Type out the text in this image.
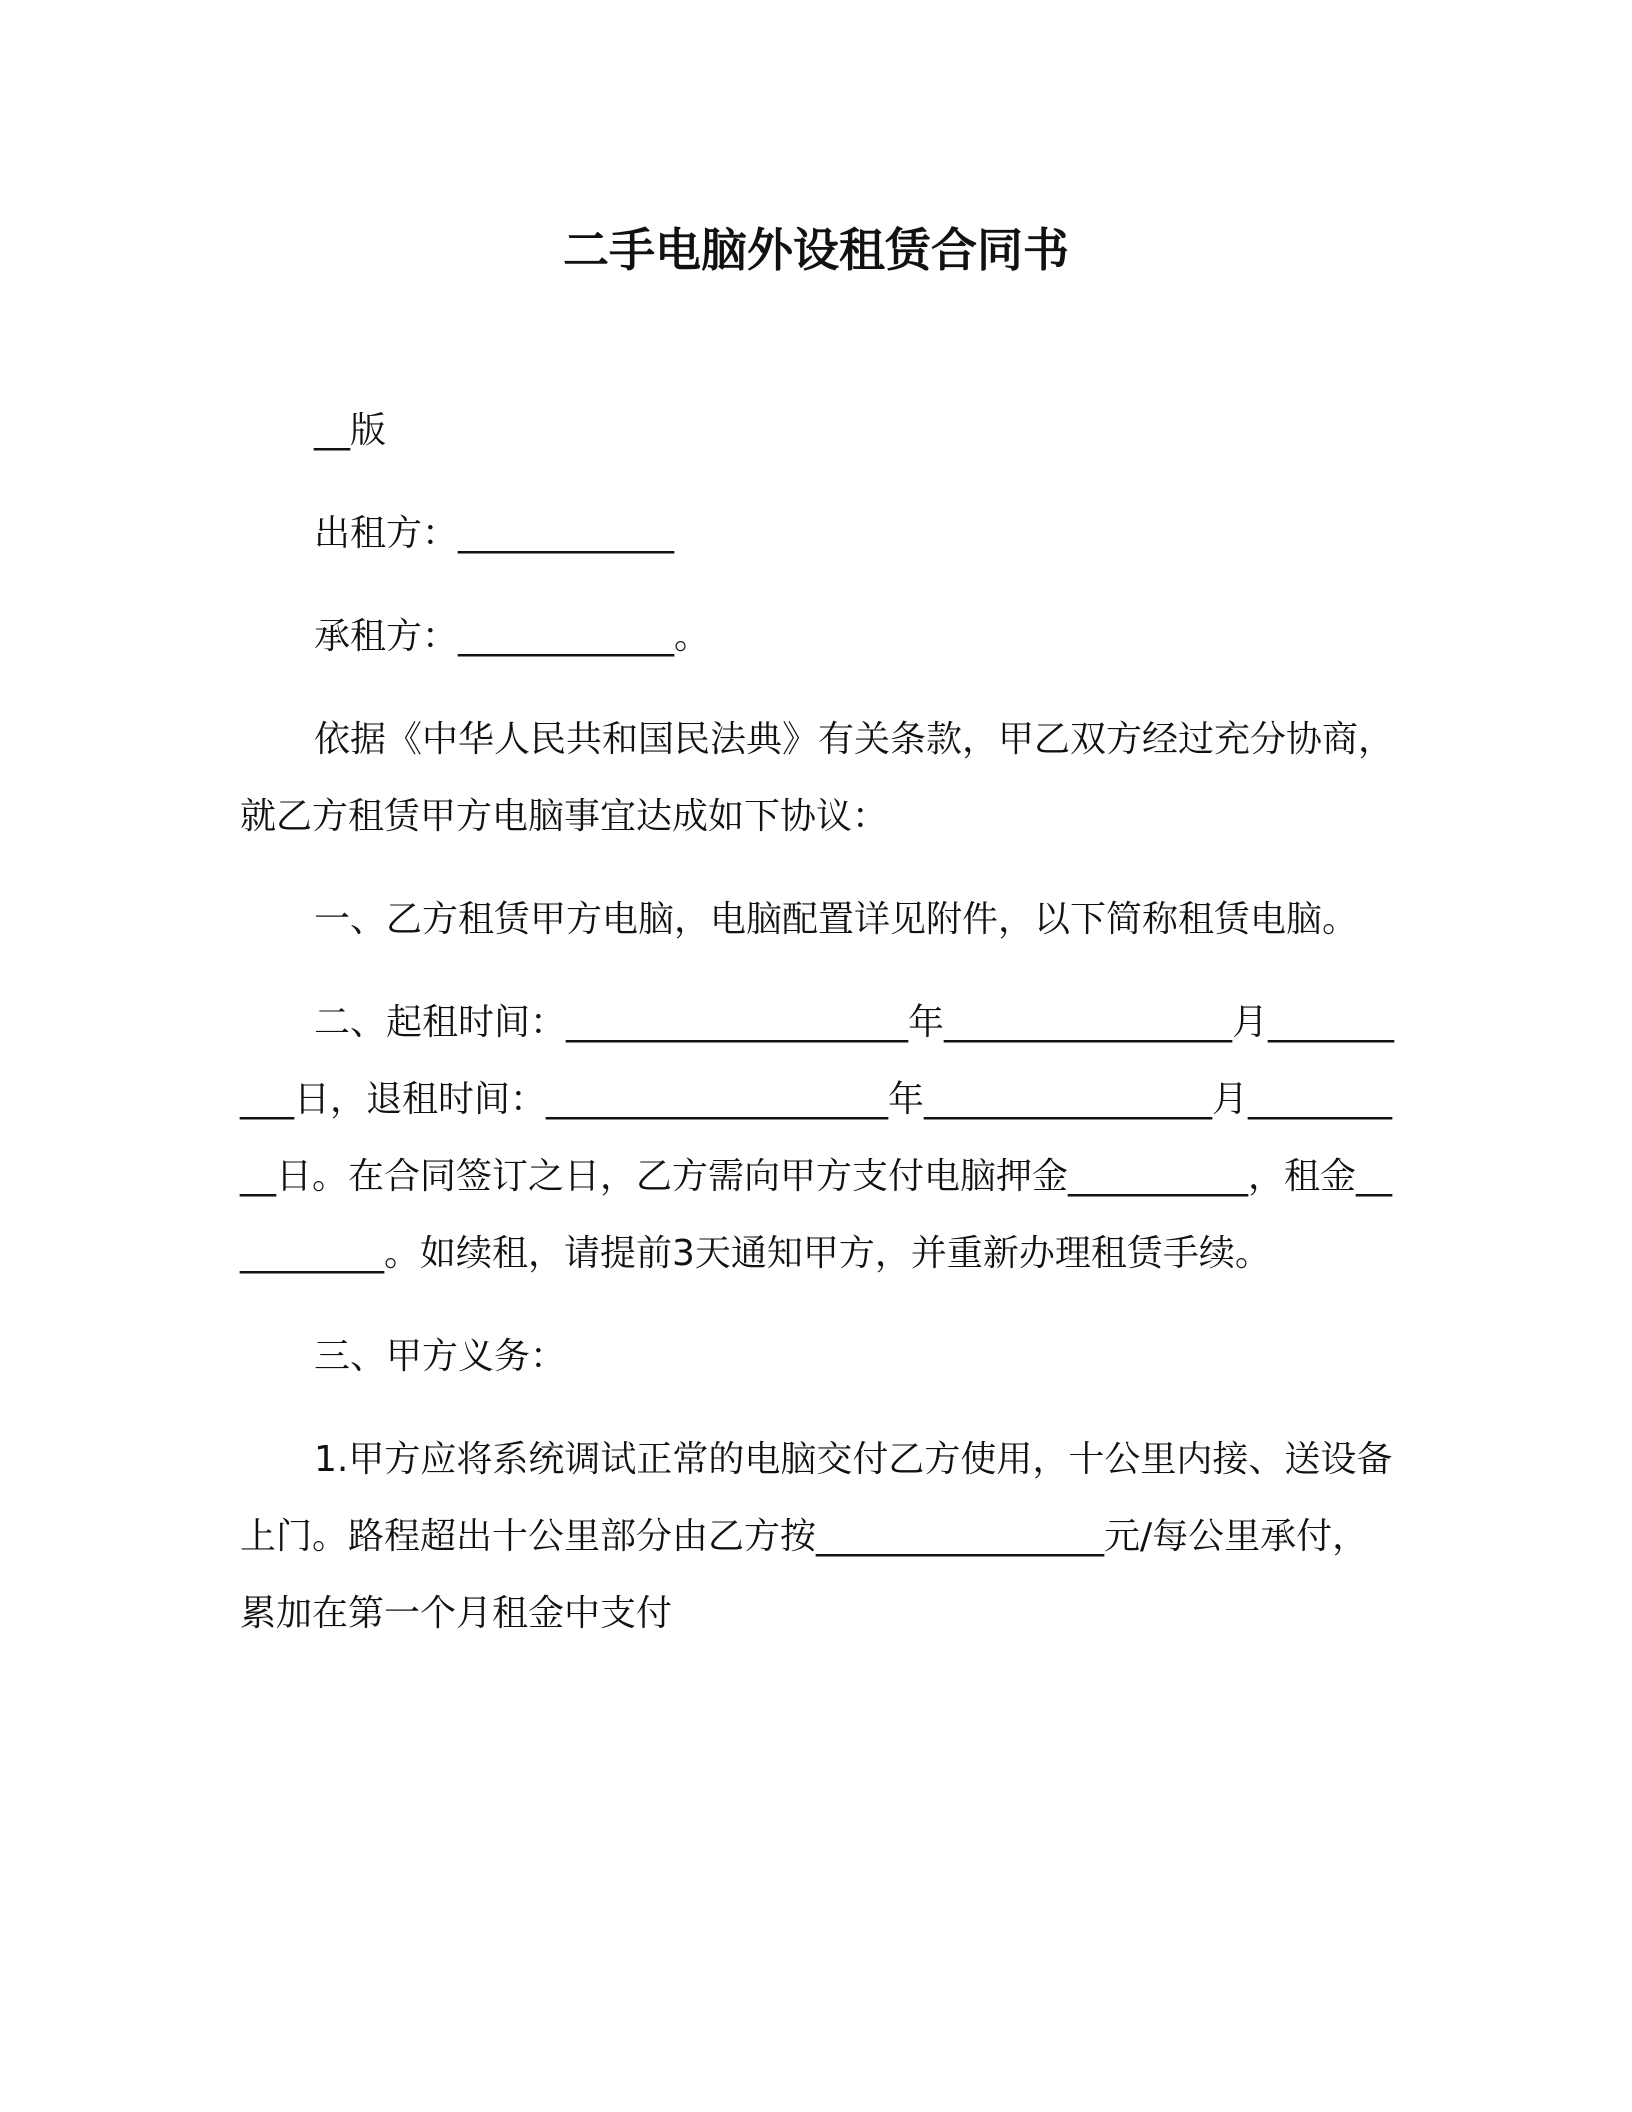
二手电脑外设租赁合同书

__版

出租方：____________

承租方：____________。

依据《中华人民共和国民法典》有关条款，甲乙双方经过充分协商，就乙方租赁甲方电脑事宜达成如下协议：

一、乙方租赁甲方电脑，电脑配置详见附件，以下简称租赁电脑。

二、起租时间：___________________年________________月__________日，退租时间：___________________年________________月__________日。在合同签订之日，乙方需向甲方支付电脑押金__________，租金__________。如续租，请提前3天通知甲方，并重新办理租赁手续。

三、甲方义务：

1.甲方应将系统调试正常的电脑交付乙方使用，十公里内接、送设备上门。路程超出十公里部分由乙方按________________元/每公里承付，累加在第一个月租金中支付
